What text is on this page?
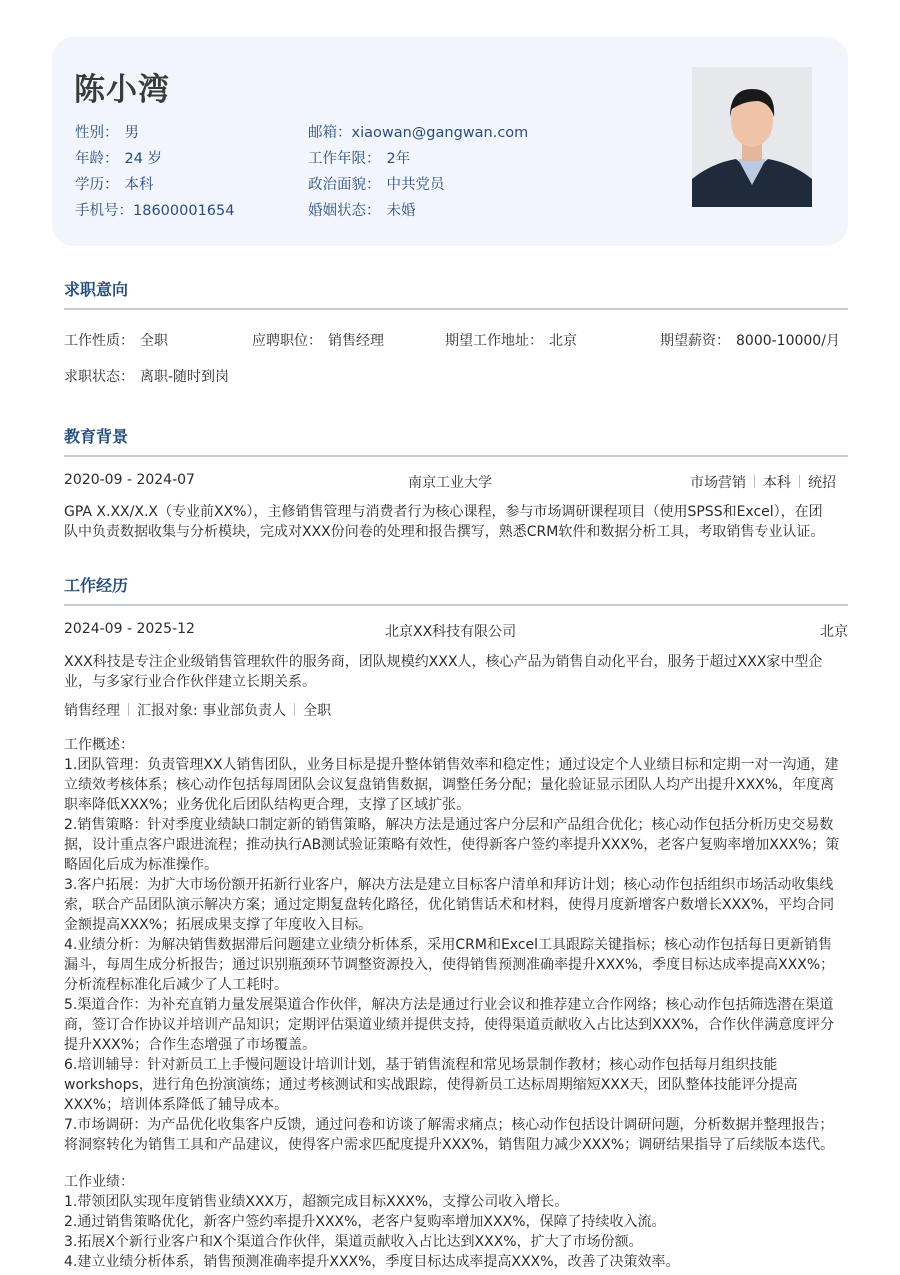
陈小湾
性别： 男
年龄： 24 岁
学历： 本科
手机号：18600001654
邮箱：xiaowan@gangwan.com
工作年限： 2年
政治面貌： 中共党员
婚姻状态： 未婚
求职意向
工作性质： 全职	应聘职位： 销售经理	期望工作地址： 北京	期望薪资： 8000-10000/月
求职状态： 离职-随时到岗
教育背景
2020-09 - 2024-07	南京工业大学	市场营销 本科 统招

GPA X.XX/X.X（专业前XX%），主修销售管理与消费者行为核心课程，参与市场调研课程项目（使用SPSS和Excel），在团队中负责数据收集与分析模块，完成对XXX份问卷的处理和报告撰写，熟悉CRM软件和数据分析工具，考取销售专业认证。

工作经历
2024-09 - 2025-12	北京XX科技有限公司	北京

XXX科技是专注企业级销售管理软件的服务商，团队规模约XXX人，核心产品为销售自动化平台，服务于超过XXX家中型企业，与多家行业合作伙伴建立长期关系。

销售经理 汇报对象: 事业部负责人 全职

工作概述：

1.团队管理：负责管理XX人销售团队，业务目标是提升整体销售效率和稳定性；通过设定个人业绩目标和定期一对一沟通，建立绩效考核体系；核心动作包括每周团队会议复盘销售数据，调整任务分配；量化验证显示团队人均产出提升XXX%，年度离职率降低XXX%；业务优化后团队结构更合理，支撑了区域扩张。

2.销售策略：针对季度业绩缺口制定新的销售策略，解决方法是通过客户分层和产品组合优化；核心动作包括分析历史交易数据，设计重点客户跟进流程；推动执行AB测试验证策略有效性，使得新客户签约率提升XXX%，老客户复购率增加XXX%；策略固化后成为标准操作。

3.客户拓展：为扩大市场份额开拓新行业客户，解决方法是建立目标客户清单和拜访计划；核心动作包括组织市场活动收集线索，联合产品团队演示解决方案；通过定期复盘转化路径，优化销售话术和材料，使得月度新增客户数增长XXX%，平均合同金额提高XXX%；拓展成果支撑了年度收入目标。

4.业绩分析：为解决销售数据滞后问题建立业绩分析体系，采用CRM和Excel工具跟踪关键指标；核心动作包括每日更新销售漏斗，每周生成分析报告；通过识别瓶颈环节调整资源投入，使得销售预测准确率提升XXX%，季度目标达成率提高XXX%；分析流程标准化后减少了人工耗时。

5.渠道合作：为补充直销力量发展渠道合作伙伴，解决方法是通过行业会议和推荐建立合作网络；核心动作包括筛选潜在渠道商，签订合作协议并培训产品知识；定期评估渠道业绩并提供支持，使得渠道贡献收入占比达到XXX%，合作伙伴满意度评分提升XXX%；合作生态增强了市场覆盖。

6.培训辅导：针对新员工上手慢问题设计培训计划，基于销售流程和常见场景制作教材；核心动作包括每月组织技能workshops，进行角色扮演演练；通过考核测试和实战跟踪，使得新员工达标周期缩短XXX天，团队整体技能评分提高XXX%；培训体系降低了辅导成本。

7.市场调研：为产品优化收集客户反馈，通过问卷和访谈了解需求痛点；核心动作包括设计调研问题，分析数据并整理报告；将洞察转化为销售工具和产品建议，使得客户需求匹配度提升XXX%，销售阻力减少XXX%；调研结果指导了后续版本迭代。

工作业绩：

1.带领团队实现年度销售业绩XXX万，超额完成目标XXX%，支撑公司收入增长。

2.通过销售策略优化，新客户签约率提升XXX%，老客户复购率增加XXX%，保障了持续收入流。

3.拓展X个新行业客户和X个渠道合作伙伴，渠道贡献收入占比达到XXX%，扩大了市场份额。

4.建立业绩分析体系，销售预测准确率提升XXX%，季度目标达成率提高XXX%，改善了决策效率。
